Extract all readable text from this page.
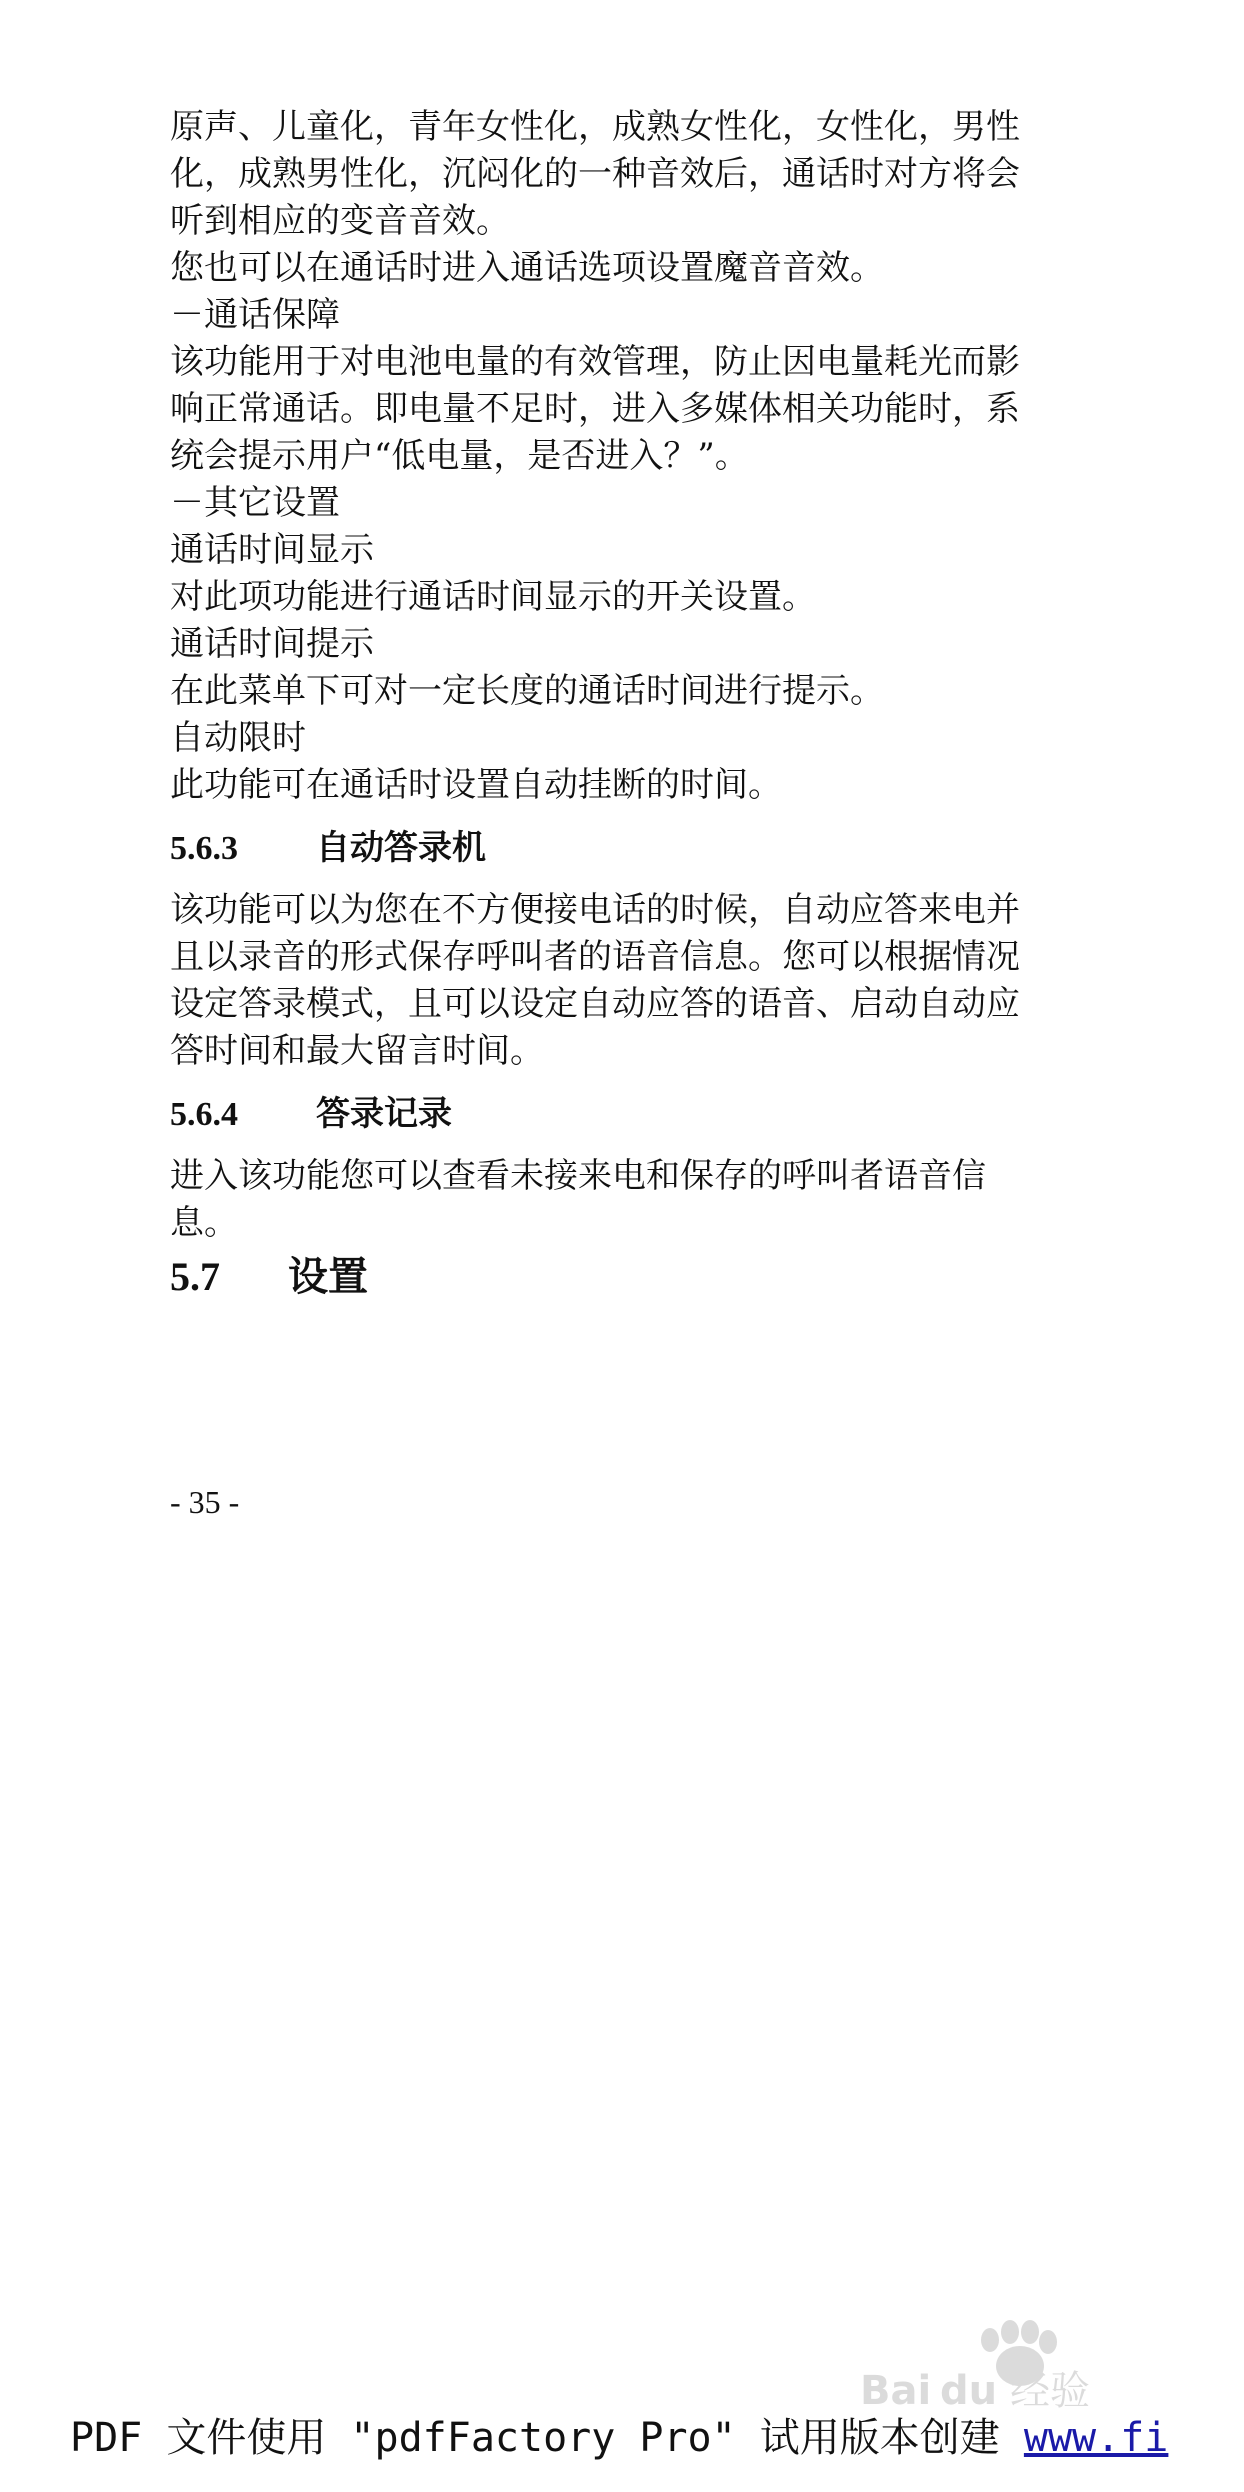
原声、儿童化，青年女性化，成熟女性化，女性化，男性
化，成熟男性化，沉闷化的一种音效后，通话时对方将会
听到相应的变音音效。
您也可以在通话时进入通话选项设置魔音音效。
－通话保障
该功能用于对电池电量的有效管理，防止因电量耗光而影
响正常通话。即电量不足时，进入多媒体相关功能时，系
统会提示用户“低电量，是否进入？”。
－其它设置
通话时间显示
对此项功能进行通话时间显示的开关设置。
通话时间提示
在此菜单下可对一定长度的通话时间进行提示。
自动限时
此功能可在通话时设置自动挂断的时间。
5.6.3 自动答录机
该功能可以为您在不方便接电话的时候，自动应答来电并
且以录音的形式保存呼叫者的语音信息。您可以根据情况
设定答录模式，且可以设定自动应答的语音、启动自动应
答时间和最大留言时间。
5.6.4 答录记录
进入该功能您可以查看未接来电和保存的呼叫者语音信
息。
5.7 设置
- 35 -
Bai du 经验
PDF 文件使用 "pdfFactory Pro" 试用版本创建 www.fi
